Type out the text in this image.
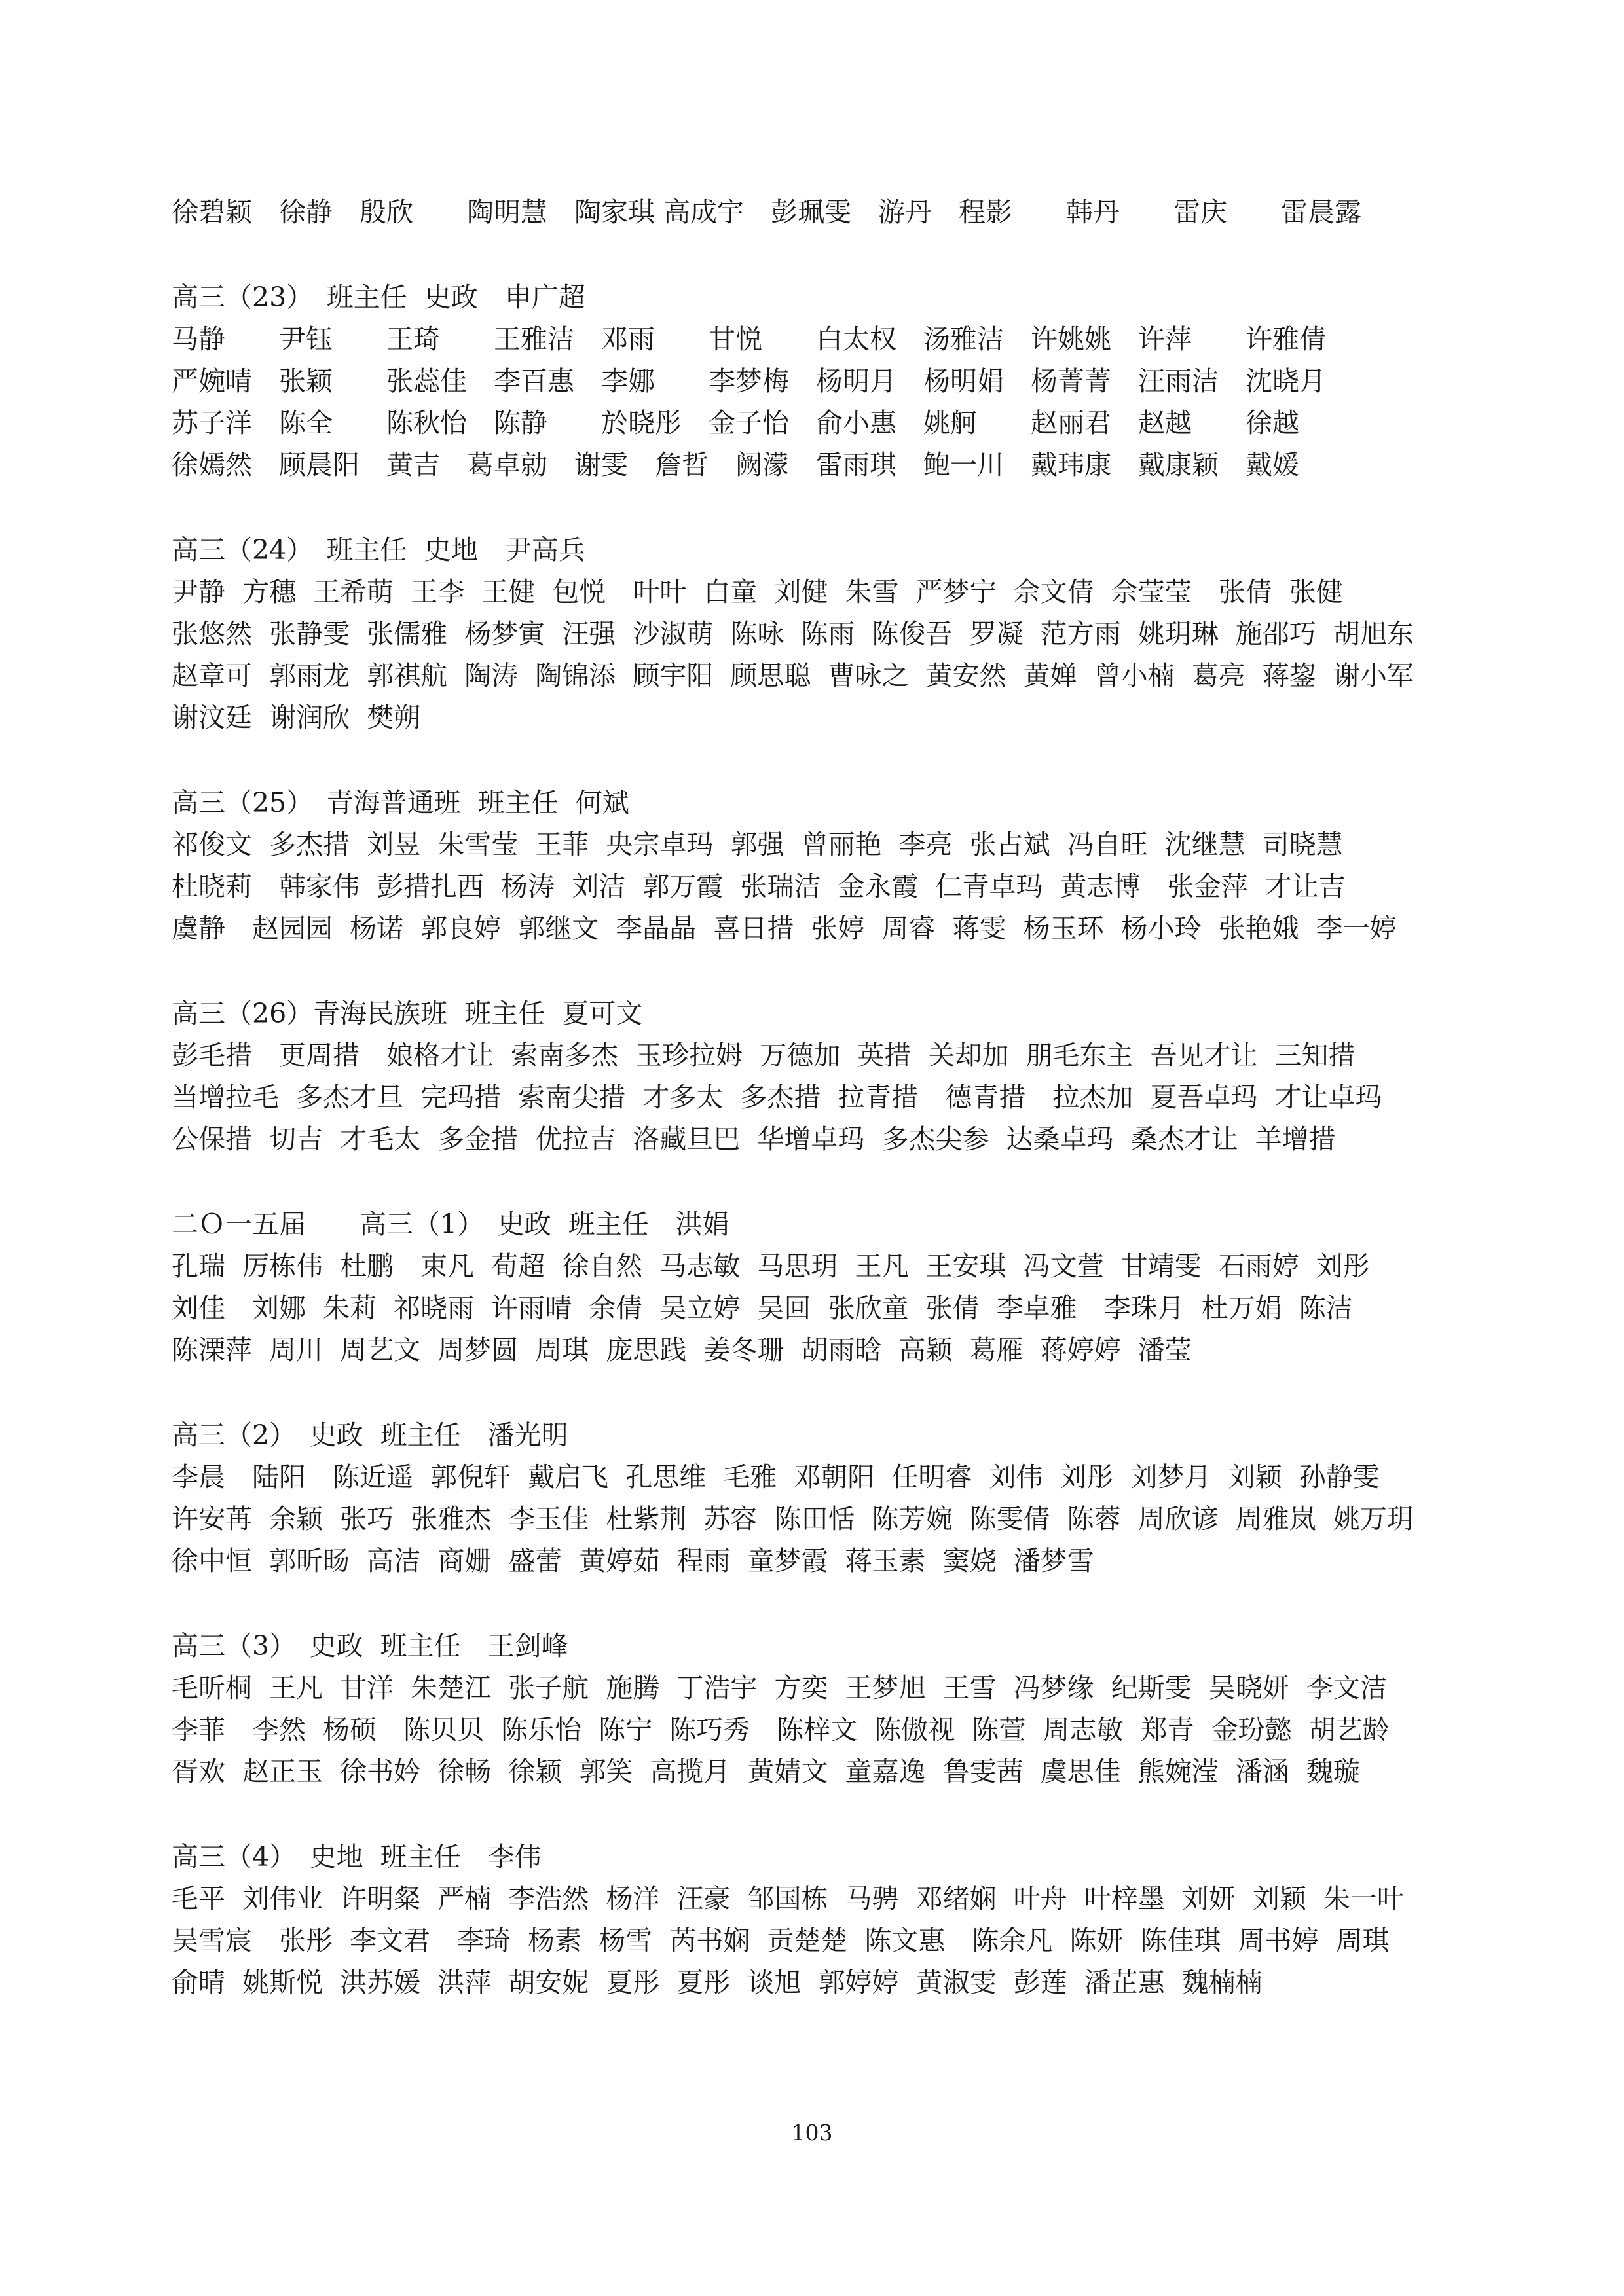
徐碧颖　徐静　殷欣　　陶明慧　陶家琪 高成宇　彭珮雯　游丹　程影　　韩丹　　雷庆　　雷晨露
高三（23）　班主任  史政　申广超
马静　　尹钰　　王琦　　王雅洁　邓雨　　甘悦　　白太权　汤雅洁　许姚姚　许萍　　许雅倩
严婉晴　张颖　　张蕊佳　李百惠　李娜　　李梦梅　杨明月　杨明娟　杨菁菁　汪雨洁　沈晓月
苏子洋　陈全　　陈秋怡　陈静　　於晓彤　金子怡　俞小惠　姚舸　　赵丽君　赵越　　徐越
徐嫣然　顾晨阳　黄吉　葛卓勍　谢雯　詹哲　阙濛　雷雨琪　鲍一川　戴玮康　戴康颖　戴媛
高三（24）　班主任  史地　尹高兵
尹静  方穗  王希萌  王李  王健  包悦　叶叶  白童  刘健  朱雪  严梦宁  佘文倩  佘莹莹　张倩  张健
张悠然  张静雯  张儒雅  杨梦寅  汪强  沙淑萌  陈咏  陈雨  陈俊吾  罗凝  范方雨  姚玥琳  施邵巧  胡旭东
赵章可  郭雨龙  郭祺航  陶涛  陶锦添  顾宇阳  顾思聪  曹咏之  黄安然  黄婵  曾小楠  葛亮  蒋鋆  谢小军
谢汶廷  谢润欣  樊朔
高三（25）　青海普通班  班主任  何斌
祁俊文  多杰措  刘昱  朱雪莹  王菲  央宗卓玛  郭强  曾丽艳  李亮  张占斌  冯自旺  沈继慧  司晓慧
杜晓莉　韩家伟  彭措扎西  杨涛  刘洁  郭万霞  张瑞洁  金永霞  仁青卓玛  黄志博　张金萍  才让吉
虞静　赵园园  杨诺  郭良婷  郭继文  李晶晶  喜日措  张婷  周睿  蒋雯  杨玉环  杨小玲  张艳娥  李一婷
高三（26）青海民族班  班主任  夏可文
彭毛措　更周措　娘格才让  索南多杰  玉珍拉姆  万德加  英措  关却加  朋毛东主  吾见才让  三知措
当增拉毛  多杰才旦  完玛措  索南尖措  才多太  多杰措  拉青措　德青措　拉杰加  夏吾卓玛  才让卓玛
公保措  切吉  才毛太  多金措  优拉吉  洛藏旦巴  华增卓玛  多杰尖参  达桑卓玛  桑杰才让  羊增措
二Ｏ一五届　　高三（1）　史政  班主任　洪娟
孔瑞  厉栋伟  杜鹏　束凡  荀超  徐自然  马志敏  马思玥  王凡  王安琪  冯文萱  甘靖雯  石雨婷  刘彤
刘佳　刘娜  朱莉  祁晓雨  许雨晴  余倩  吴立婷  吴回  张欣童  张倩  李卓雅　李珠月  杜万娟  陈洁
陈溧萍  周川  周艺文  周梦圆  周琪  庞思践  姜冬珊  胡雨晗  高颖  葛雁  蒋婷婷  潘莹
高三（2）　史政  班主任　潘光明
李晨　陆阳　陈近遥  郭倪轩  戴启飞  孔思维  毛雅  邓朝阳  任明睿  刘伟  刘彤  刘梦月  刘颖  孙静雯
许安苒  余颖  张巧  张雅杰  李玉佳  杜紫荆  苏容  陈田恬  陈芳婉  陈雯倩  陈蓉  周欣谚  周雅岚  姚万玥
徐中恒  郭昕旸  高洁  商姗  盛蕾  黄婷茹  程雨  童梦霞  蒋玉素  窦娆  潘梦雪
高三（3）　史政  班主任　王剑峰
毛昕桐  王凡  甘洋  朱楚江  张子航  施腾  丁浩宇  方奕  王梦旭  王雪  冯梦缘  纪斯雯  吴晓妍  李文洁
李菲　李然  杨硕　陈贝贝  陈乐怡  陈宁  陈巧秀　陈梓文  陈傲视  陈萱  周志敏  郑青  金玢懿  胡艺龄
胥欢  赵正玉  徐书妗  徐畅  徐颖  郭笑  高揽月  黄婧文  童嘉逸  鲁雯茜  虞思佳  熊婉滢  潘涵  魏璇
高三（4）　史地  班主任　李伟
毛平  刘伟业  许明粲  严楠  李浩然  杨洋  汪豪  邹国栋  马骋  邓绪娴  叶舟  叶梓墨  刘妍  刘颖  朱一叶
吴雪宸　张彤  李文君　李琦  杨素  杨雪  芮书娴  贡楚楚  陈文惠　陈余凡  陈妍  陈佳琪  周书婷  周琪
俞晴  姚斯悦  洪苏媛  洪萍  胡安妮  夏彤  夏彤  谈旭  郭婷婷  黄淑雯  彭莲  潘芷惠  魏楠楠
103
